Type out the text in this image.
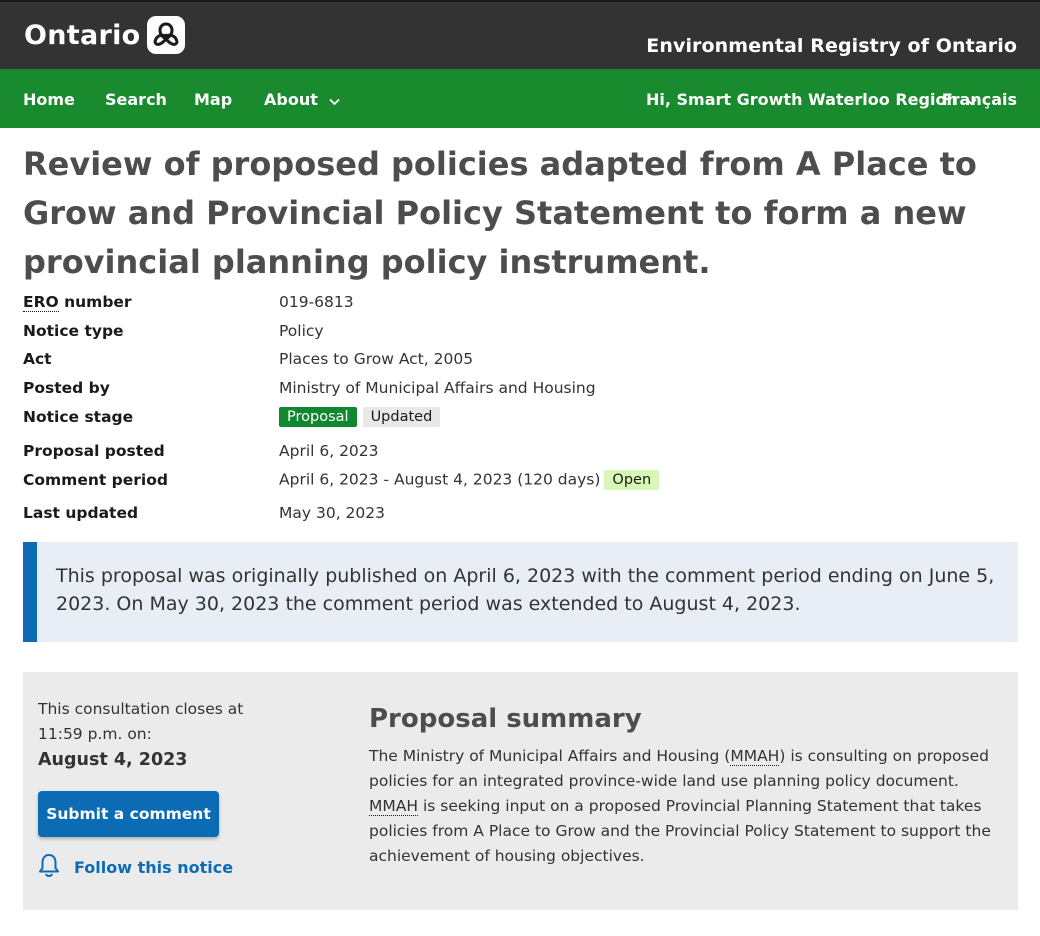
Ontario	Environmental Registry of Ontario
Home Search Map About	Hi, Smart Growth Waterloo Region
Français
Review of proposed policies adapted from A Place to Grow and Provincial Policy Statement to form a new provincial planning policy instrument.
ERO number	019-6813
Notice type	Policy
Act	Places to Grow Act, 2005
Posted by	Ministry of Municipal Affairs and Housing
Notice stage	Proposal Updated
Proposal posted	April 6, 2023
Comment period	April 6, 2023 - August 4, 2023 (120 days) Open
Last updated	May 30, 2023

This proposal was originally published on April 6, 2023 with the comment period ending on June 5, 2023. On May 30, 2023 the comment period was extended to August 4, 2023.

This consultation closes at 11:59 p.m. on:
August 4, 2023
Submit a comment
Follow this notice
Proposal summary

The Ministry of Municipal Affairs and Housing (MMAH) is consulting on proposed policies for an integrated province-wide land use planning policy document. MMAH is seeking input on a proposed Provincial Planning Statement that takes policies from A Place to Grow and the Provincial Policy Statement to support the achievement of housing objectives.
